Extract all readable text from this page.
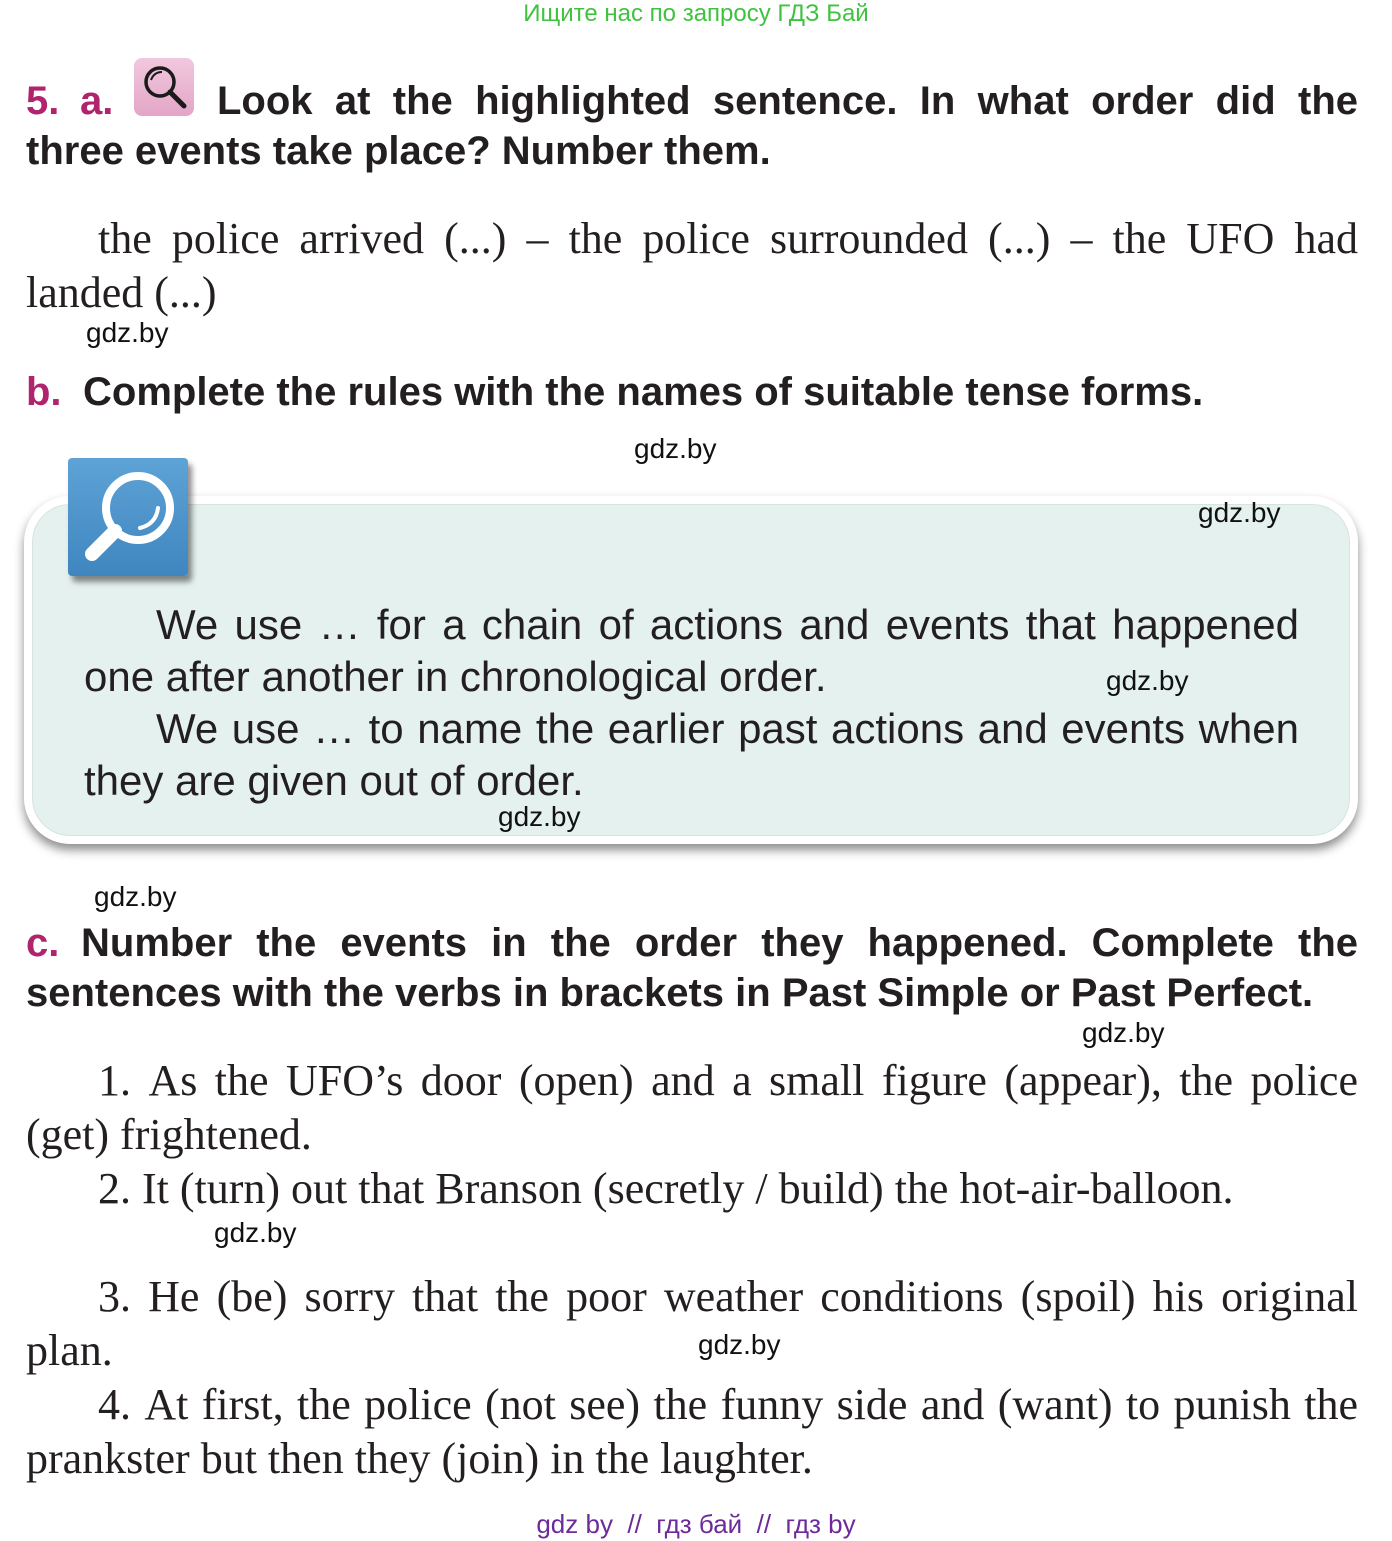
Ищите нас по запросу ГДЗ Бай
5. a.	Look at the highlighted sentence. In what order did the three events take place? Number them.
the police arrived (...) – the police surrounded (...) – the UFO had landed (...)
gdz.by
b. Complete the rules with the names of suitable tense forms.
gdz.by
gdz.by
We use … for a chain of actions and events that happened one after another in chronological order.	gdz.by
We use … to name the earlier past actions and events when they are given out of order.
gdz.by
gdz.by
c. Number the events in the order they happened. Complete the sentences with the verbs in brackets in Past Simple or Past Perfect.
gdz.by
1. As the UFO’s door (open) and a small figure (appear), the police (get) frightened.
2. It (turn) out that Branson (secretly / build) the hot-air-balloon.
gdz.by
3. He (be) sorry that the poor weather conditions (spoil) his original plan.	gdz.by
4. At first, the police (not see) the funny side and (want) to punish the prankster but then they (join) in the laughter.
gdz by  //  гдз бай  //  гдз by
